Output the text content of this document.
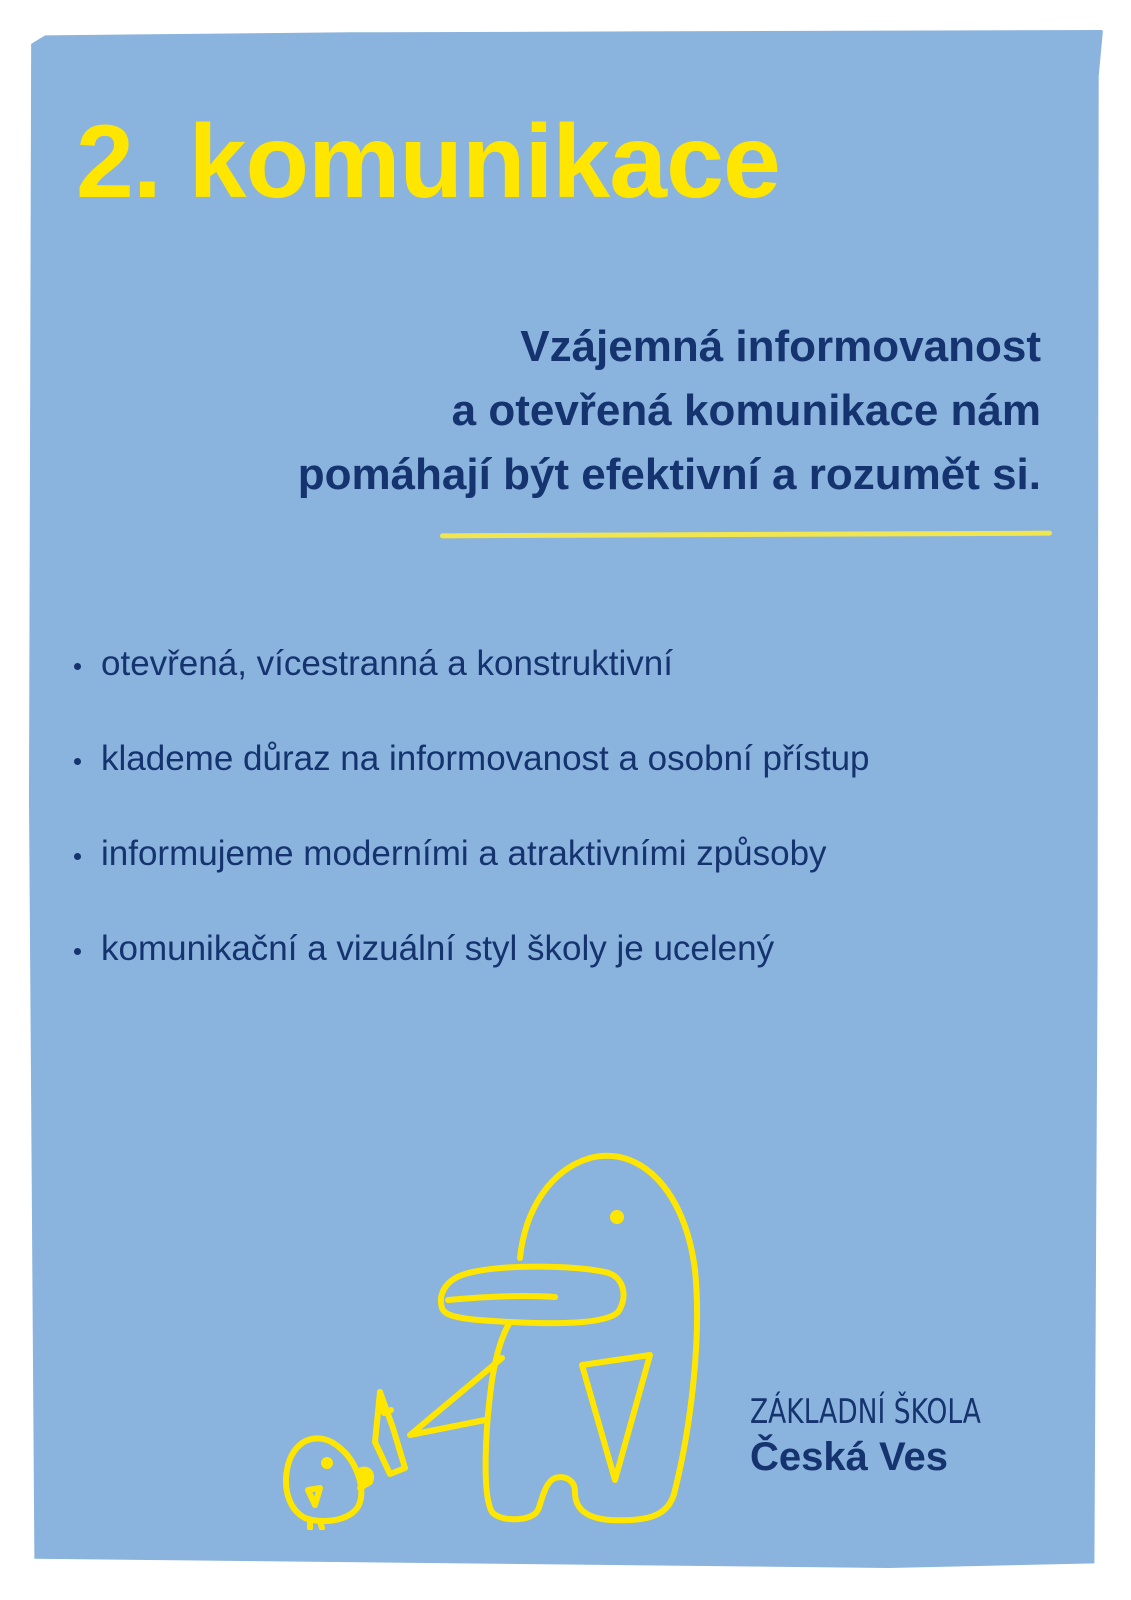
2. komunikace

Vzájemná informovanost
a otevřená komunikace nám
pomáhají být efektivní a rozumět si.

otevřená, vícestranná a konstruktivní
klademe důraz na informovanost a osobní přístup
informujeme moderními a atraktivními způsoby
komunikační a vizuální styl školy je ucelený
ZÁKLADNÍ ŠKOLA
Česká Ves
